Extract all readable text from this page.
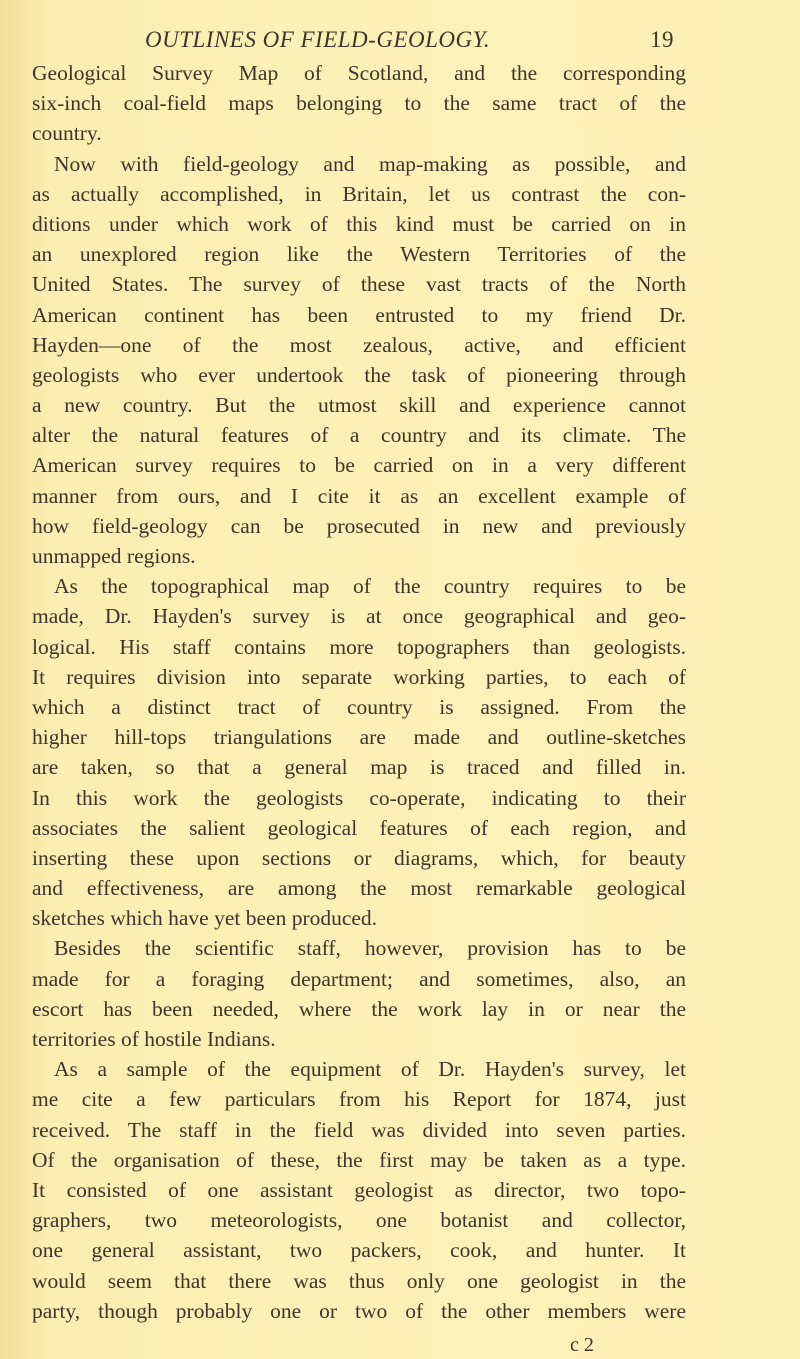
OUTLINES OF FIELD-GEOLOGY.	19
Geological Survey Map of Scotland, and the corresponding
six-inch coal-field maps belonging to the same tract of the
country.
Now with field-geology and map-making as possible, and
as actually accomplished, in Britain, let us contrast the con-
ditions under which work of this kind must be carried on in
an unexplored region like the Western Territories of the
United States. The survey of these vast tracts of the North
American continent has been entrusted to my friend Dr.
Hayden—one of the most zealous, active, and efficient
geologists who ever undertook the task of pioneering through
a new country. But the utmost skill and experience cannot
alter the natural features of a country and its climate. The
American survey requires to be carried on in a very different
manner from ours, and I cite it as an excellent example of
how field-geology can be prosecuted in new and previously
unmapped regions.
As the topographical map of the country requires to be
made, Dr. Hayden's survey is at once geographical and geo-
logical. His staff contains more topographers than geologists.
It requires division into separate working parties, to each of
which a distinct tract of country is assigned. From the
higher hill-tops triangulations are made and outline-sketches
are taken, so that a general map is traced and filled in.
In this work the geologists co-operate, indicating to their
associates the salient geological features of each region, and
inserting these upon sections or diagrams, which, for beauty
and effectiveness, are among the most remarkable geological
sketches which have yet been produced.
Besides the scientific staff, however, provision has to be
made for a foraging department; and sometimes, also, an
escort has been needed, where the work lay in or near the
territories of hostile Indians.
As a sample of the equipment of Dr. Hayden's survey, let
me cite a few particulars from his Report for 1874, just
received. The staff in the field was divided into seven parties.
Of the organisation of these, the first may be taken as a type.
It consisted of one assistant geologist as director, two topo-
graphers, two meteorologists, one botanist and collector,
one general assistant, two packers, cook, and hunter. It
would seem that there was thus only one geologist in the
party, though probably one or two of the other members were
c 2
